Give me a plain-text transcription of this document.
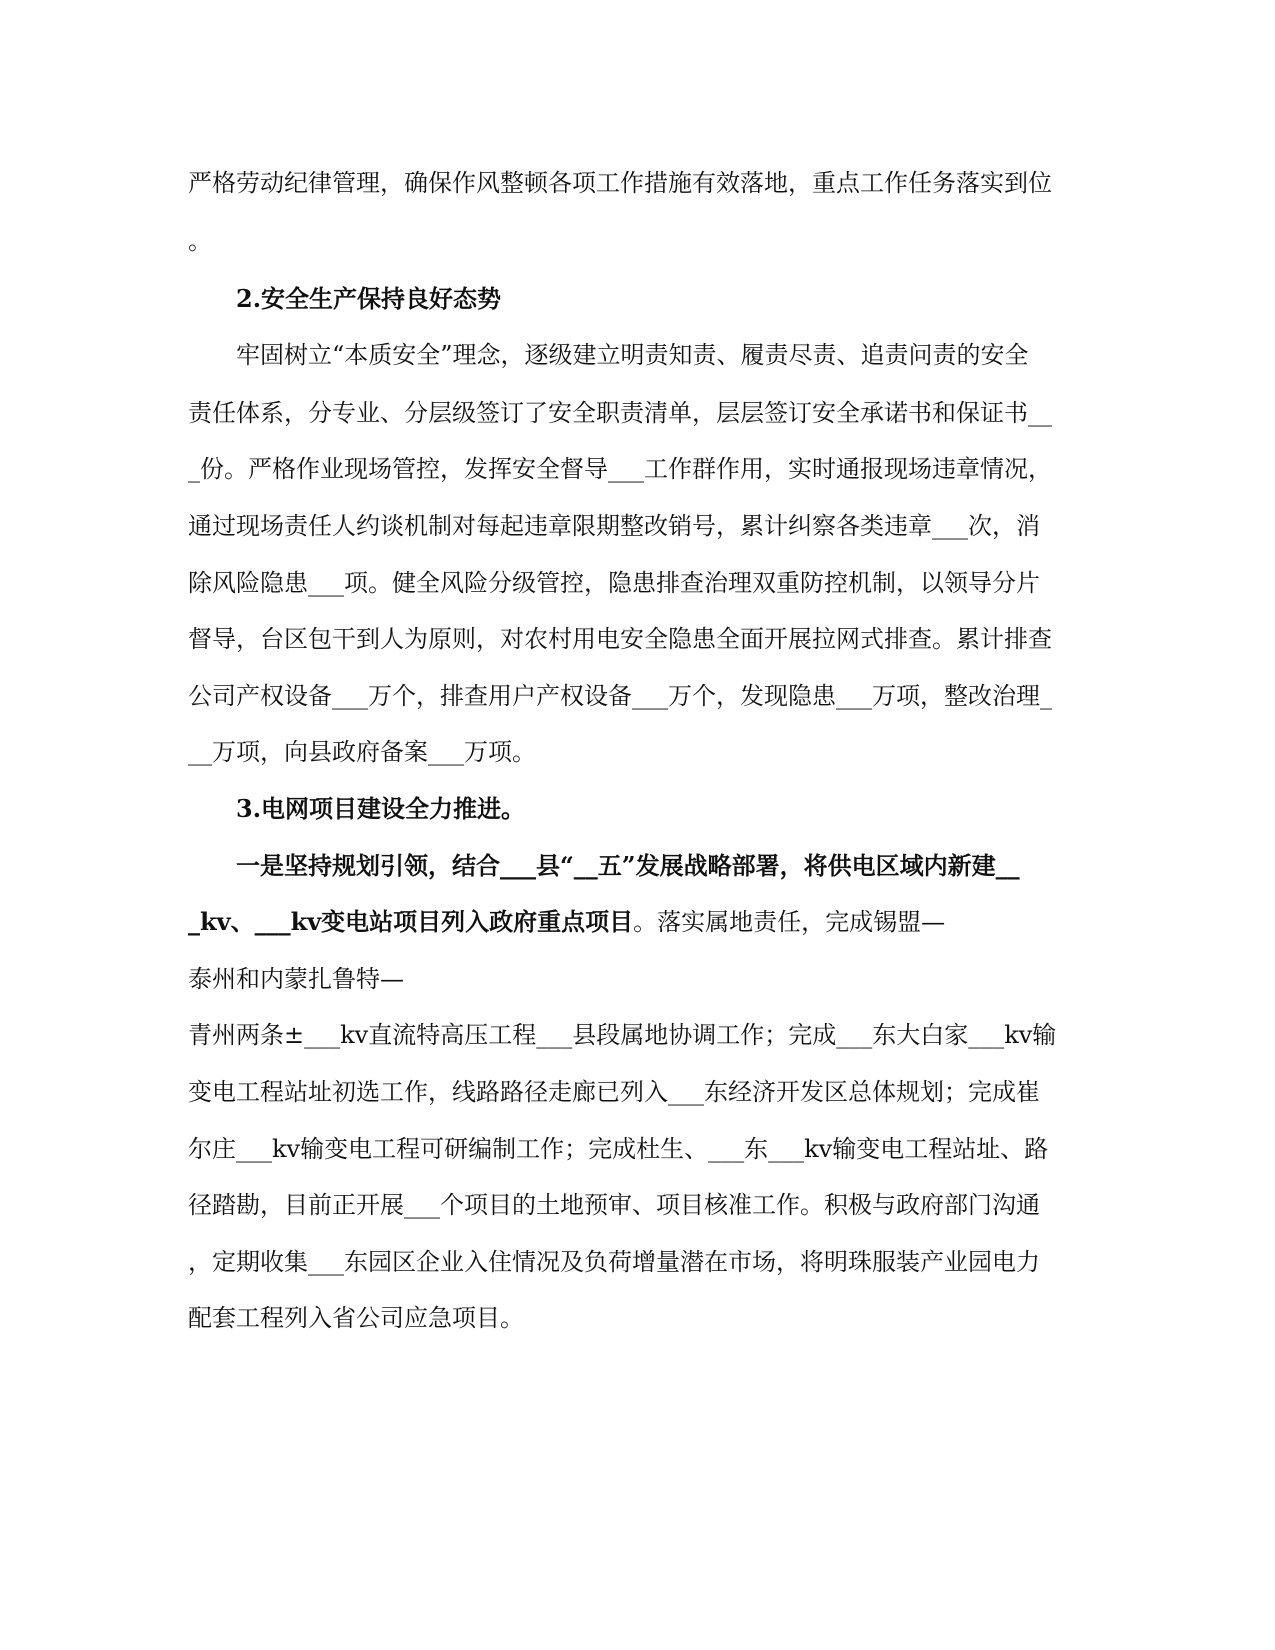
严格劳动纪律管理，确保作风整顿各项工作措施有效落地，重点工作任务落实到位
。
2.安全生产保持良好态势
牢固树立“本质安全”理念，逐级建立明责知责、履责尽责、追责问责的安全
责任体系，分专业、分层级签订了安全职责清单，层层签订安全承诺书和保证书__
_份。严格作业现场管控，发挥安全督导___工作群作用，实时通报现场违章情况，
通过现场责任人约谈机制对每起违章限期整改销号，累计纠察各类违章___次，消
除风险隐患___项。健全风险分级管控，隐患排查治理双重防控机制，以领导分片
督导，台区包干到人为原则，对农村用电安全隐患全面开展拉网式排查。累计排查
公司产权设备___万个，排查用户产权设备___万个，发现隐患___万项，整改治理_
__万项，向县政府备案___万项。
3.电网项目建设全力推进。
一是坚持规划引领，结合___县“__五”发展战略部署，将供电区域内新建__
_kv、___kv变电站项目列入政府重点项目。落实属地责任，完成锡盟—
泰州和内蒙扎鲁特—
青州两条±___kv直流特高压工程___县段属地协调工作；完成___东大白家___kv输
变电工程站址初选工作，线路路径走廊已列入___东经济开发区总体规划；完成崔
尔庄___kv输变电工程可研编制工作；完成杜生、___东___kv输变电工程站址、路
径踏勘，目前正开展___个项目的土地预审、项目核准工作。积极与政府部门沟通
，定期收集___东园区企业入住情况及负荷增量潜在市场，将明珠服装产业园电力
配套工程列入省公司应急项目。
